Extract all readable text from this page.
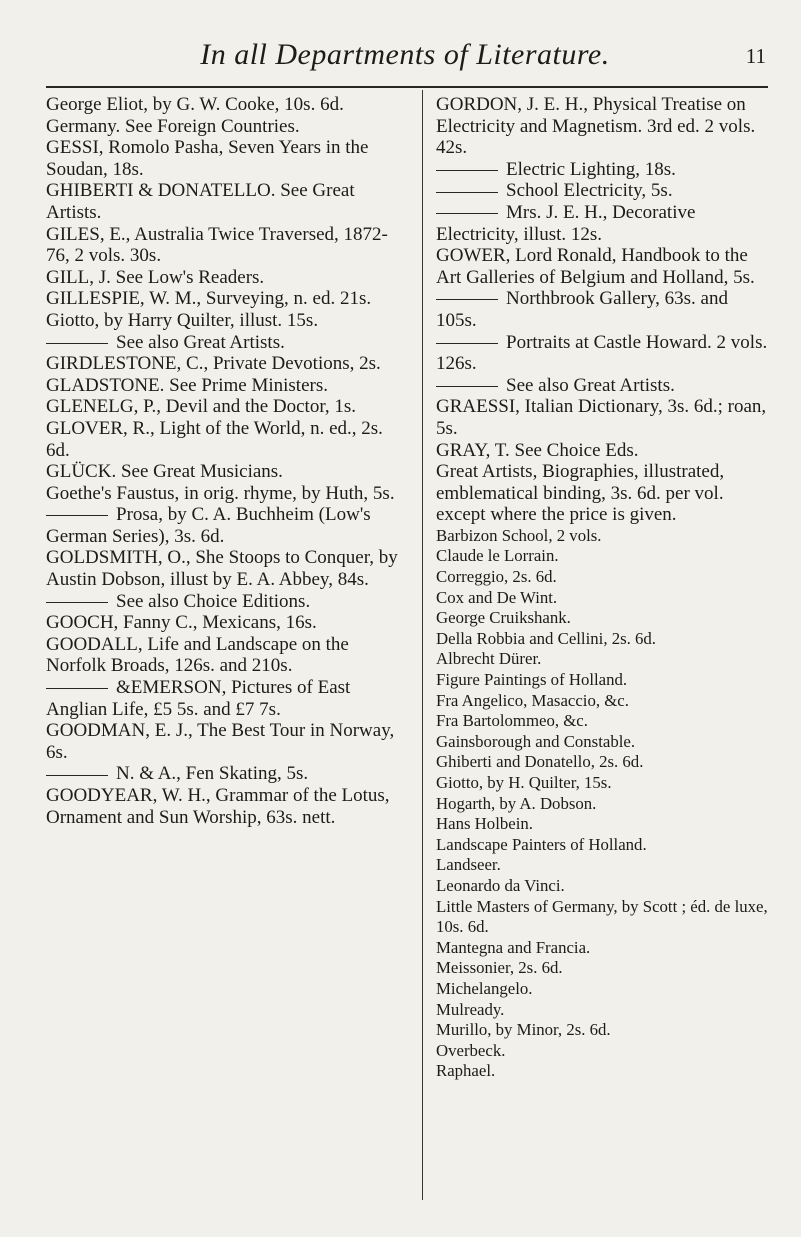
In all Departments of Literature.	11

George Eliot, by G. W. Cooke, 10s. 6d.

Germany. See Foreign Countries.

GESSI, Romolo Pasha, Seven Years in the Soudan, 18s.

GHIBERTI & DONATELLO. See Great Artists.

GILES, E., Australia Twice Traversed, 1872-76, 2 vols. 30s.

GILL, J. See Low's Readers.

GILLESPIE, W. M., Surveying, n. ed. 21s.

Giotto, by Harry Quilter, illust. 15s.

See also Great Artists.

GIRDLESTONE, C., Private Devotions, 2s.

GLADSTONE. See Prime Ministers.

GLENELG, P., Devil and the Doctor, 1s.

GLOVER, R., Light of the World, n. ed., 2s. 6d.

GLÜCK. See Great Musicians.

Goethe's Faustus, in orig. rhyme, by Huth, 5s.

Prosa, by C. A. Buchheim (Low's German Series), 3s. 6d.

GOLDSMITH, O., She Stoops to Conquer, by Austin Dobson, illust by E. A. Abbey, 84s.

See also Choice Editions.

GOOCH, Fanny C., Mexicans, 16s.

GOODALL, Life and Landscape on the Norfolk Broads, 126s. and 210s.

&EMERSON, Pictures of East Anglian Life, £5 5s. and £7 7s.

GOODMAN, E. J., The Best Tour in Norway, 6s.

N. & A., Fen Skating, 5s.

GOODYEAR, W. H., Grammar of the Lotus, Ornament and Sun Worship, 63s. nett.

GORDON, J. E. H., Physical Treatise on Electricity and Magnetism. 3rd ed. 2 vols. 42s.

Electric Lighting, 18s.

School Electricity, 5s.

Mrs. J. E. H., Decorative Electricity, illust. 12s.

GOWER, Lord Ronald, Handbook to the Art Galleries of Belgium and Holland, 5s.

Northbrook Gallery, 63s. and 105s.

Portraits at Castle Howard. 2 vols. 126s.

See also Great Artists.

GRAESSI, Italian Dictionary, 3s. 6d.; roan, 5s.

GRAY, T. See Choice Eds.

Great Artists, Biographies, illustrated, emblematical binding, 3s. 6d. per vol. except where the price is given.

Barbizon School, 2 vols.

Claude le Lorrain.

Correggio, 2s. 6d.

Cox and De Wint.

George Cruikshank.

Della Robbia and Cellini, 2s. 6d.

Albrecht Dürer.

Figure Paintings of Holland.

Fra Angelico, Masaccio, &c.

Fra Bartolommeo, &c.

Gainsborough and Constable.

Ghiberti and Donatello, 2s. 6d.

Giotto, by H. Quilter, 15s.

Hogarth, by A. Dobson.

Hans Holbein.

Landscape Painters of Holland.

Landseer.

Leonardo da Vinci.

Little Masters of Germany, by Scott ; éd. de luxe, 10s. 6d.

Mantegna and Francia.

Meissonier, 2s. 6d.

Michelangelo.

Mulready.

Murillo, by Minor, 2s. 6d.

Overbeck.

Raphael.
